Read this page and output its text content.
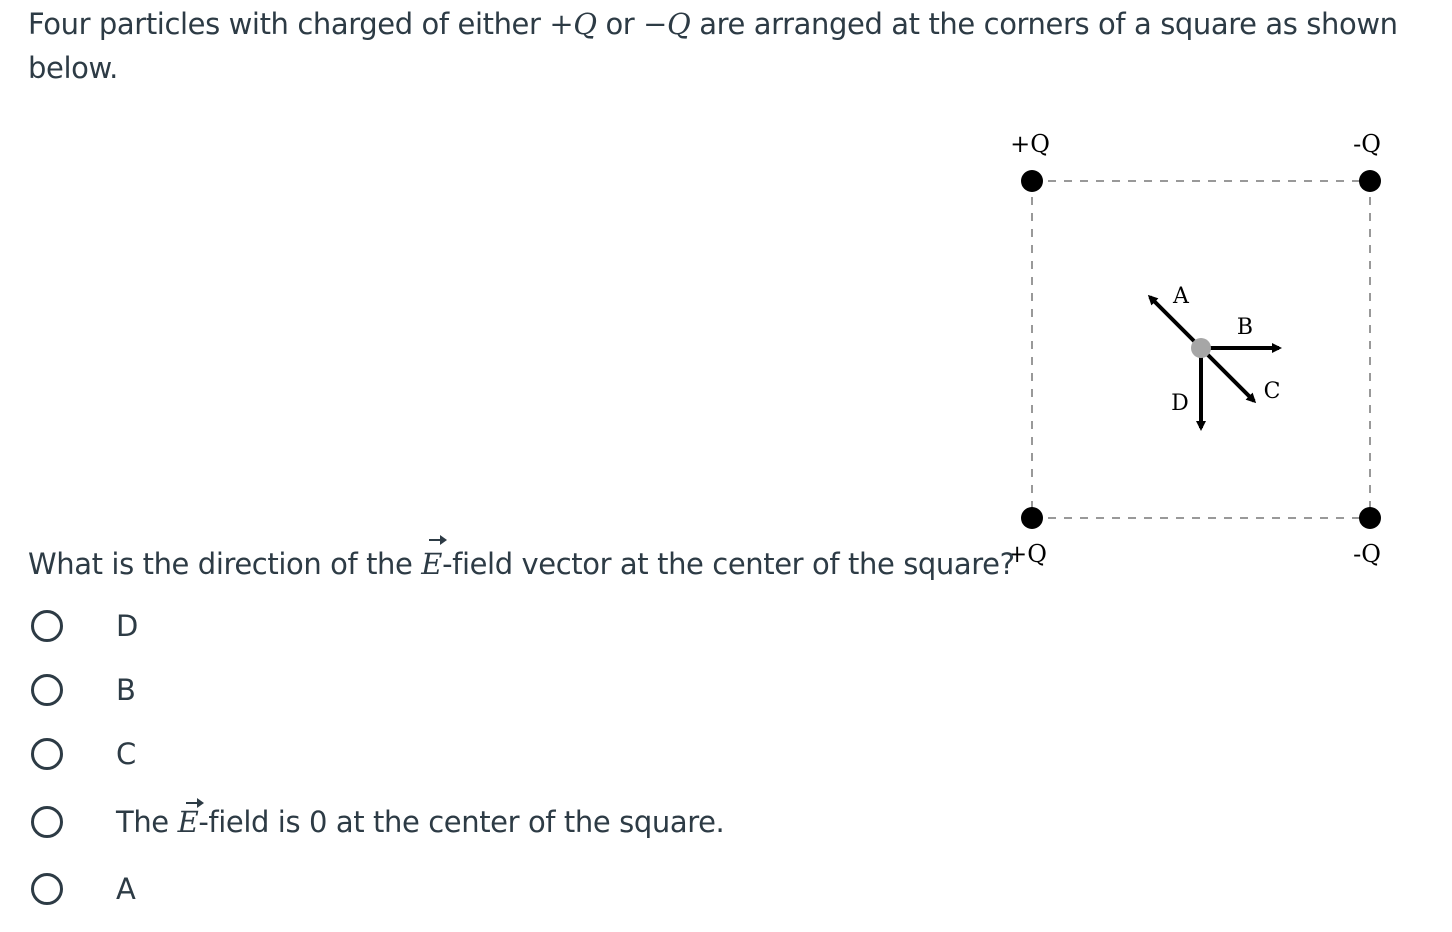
Four particles with charged of either +Q or −Q are arranged at the corners of a square as shown below.
+Q	-Q
+Q	-Q
A
B
C
D
What is the direction of the E-field vector at the center of the square?
D
B
C
The E-field is 0 at the center of the square.
A
